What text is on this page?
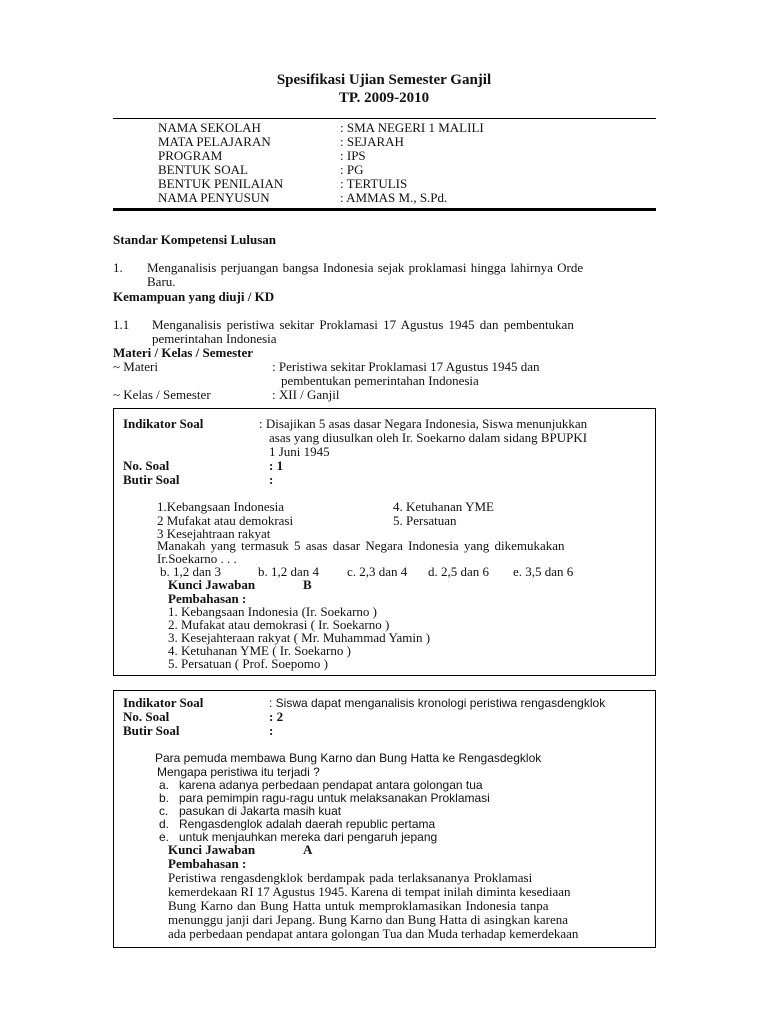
Spesifikasi Ujian Semester Ganjil
TP. 2009-2010
NAMA SEKOLAH	: SMA NEGERI 1 MALILI
MATA PELAJARAN	: SEJARAH
PROGRAM	: IPS
BENTUK SOAL	: PG
BENTUK PENILAIAN	: TERTULIS
NAMA PENYUSUN	: AMMAS M., S.Pd.
Standar Kompetensi Lulusan
1. Menganalisis perjuangan bangsa Indonesia sejak proklamasi hingga lahirnya Orde
Baru.
Kemampuan yang diuji / KD
1.1 Menganalisis peristiwa sekitar Proklamasi 17 Agustus 1945 dan pembentukan
pemerintahan Indonesia
Materi / Kelas / Semester
~ Materi	: Peristiwa sekitar Proklamasi 17 Agustus 1945 dan
pembentukan pemerintahan Indonesia
~ Kelas / Semester	: XII / Ganjil
Indikator Soal	: Disajikan 5 asas dasar Negara Indonesia, Siswa menunjukkan
asas yang diusulkan oleh Ir. Soekarno dalam sidang BPUPKI
1 Juni 1945
No. Soal	: 1
Butir Soal	:
1.Kebangsaan Indonesia
2 Mufakat atau demokrasi
3 Kesejahtraan rakyat
4. Ketuhanan YME
5. Persatuan
Manakah yang termasuk 5 asas dasar Negara Indonesia yang dikemukakan
Ir.Soekarno . . .
b. 1,2 dan 3	b. 1,2 dan 4 c. 2,3 dan 4 d. 2,5 dan 6 e. 3,5 dan 6
Kunci Jawaban	B
Pembahasan :
1. Kebangsaan Indonesia (Ir. Soekarno )
2. Mufakat atau demokrasi ( Ir. Soekarno )
3. Kesejahteraan rakyat ( Mr. Muhammad Yamin )
4. Ketuhanan YME ( Ir. Soekarno )
5. Persatuan ( Prof. Soepomo )
Indikator Soal	: Siswa dapat menganalisis kronologi peristiwa rengasdengklok
No. Soal	: 2
Butir Soal	:
Para pemuda membawa Bung Karno dan Bung Hatta ke Rengasdegklok
Mengapa peristiwa itu terjadi ?
a. karena adanya perbedaan pendapat antara golongan tua
b. para pemimpin ragu-ragu untuk melaksanakan Proklamasi
c. pasukan di Jakarta masih kuat
d. Rengasdenglok adalah daerah republic pertama
e. untuk menjauhkan mereka dari pengaruh jepang
Kunci Jawaban	A
Pembahasan :
Peristiwa rengasdengklok berdampak pada terlaksananya Proklamasi
kemerdekaan RI 17 Agustus 1945. Karena di tempat inilah diminta kesediaan
Bung Karno dan Bung Hatta untuk memproklamasikan Indonesia tanpa
menunggu janji dari Jepang. Bung Karno dan Bung Hatta di asingkan karena
ada perbedaan pendapat antara golongan Tua dan Muda terhadap kemerdekaan
